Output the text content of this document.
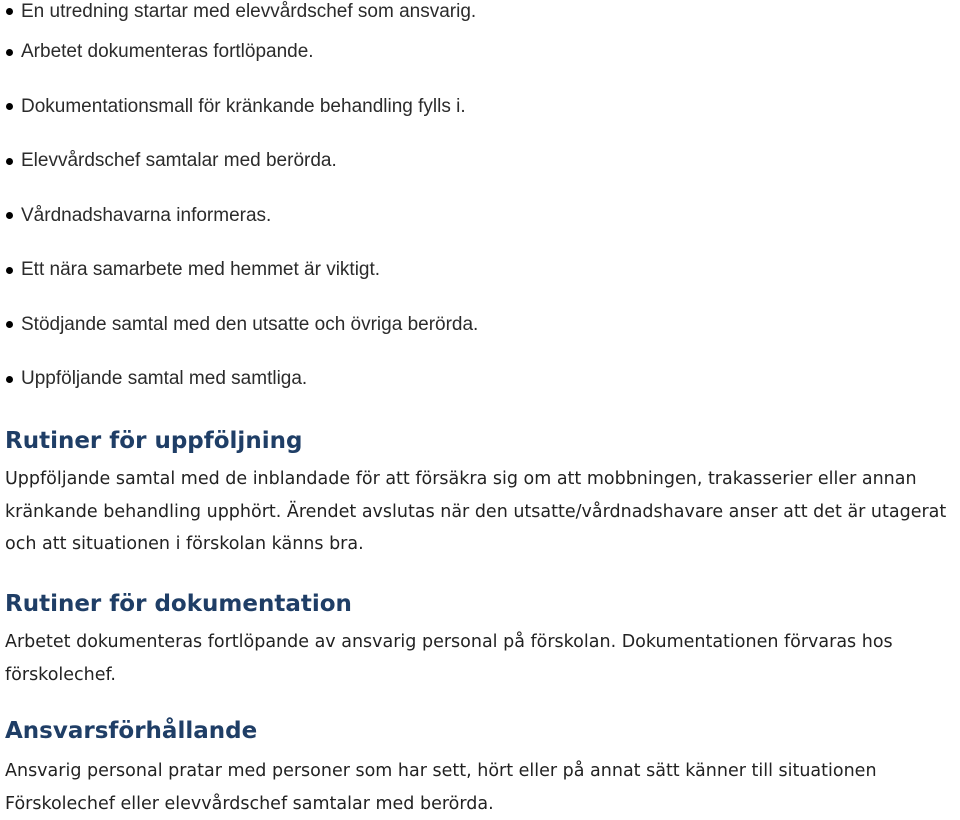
En utredning startar med elevvårdschef som ansvarig.
Arbetet dokumenteras fortlöpande.
Dokumentationsmall för kränkande behandling fylls i.
Elevvårdschef samtalar med berörda.
Vårdnadshavarna informeras.
Ett nära samarbete med hemmet är viktigt.
Stödjande samtal med den utsatte och övriga berörda.
Uppföljande samtal med samtliga.
Rutiner för uppföljning

Uppföljande samtal med de inblandade för att försäkra sig om att mobbningen, trakasserier eller annan kränkande behandling upphört. Ärendet avslutas när den utsatte/vårdnadshavare anser att det är utagerat och att situationen i förskolan känns bra.

Rutiner för dokumentation

Arbetet dokumenteras fortlöpande av ansvarig personal på förskolan. Dokumentationen förvaras hos förskolechef.

Ansvarsförhållande

Ansvarig personal pratar med personer som har sett, hört eller på annat sätt känner till situationen Förskolechef eller elevvårdschef samtalar med berörda.
